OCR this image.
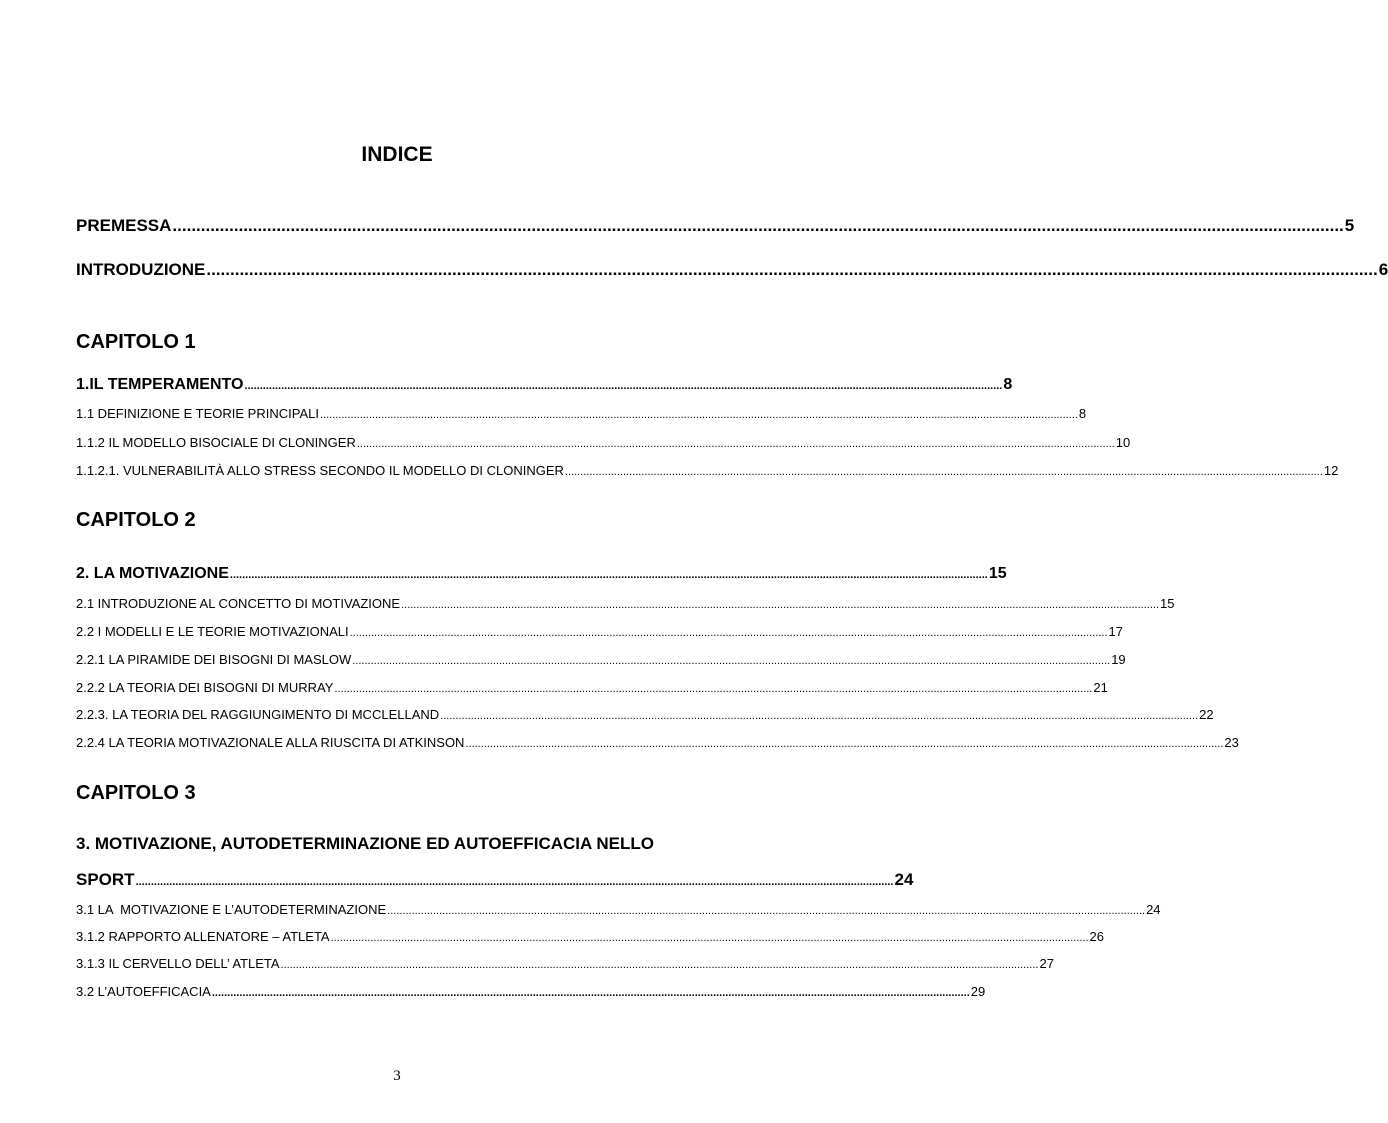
INDICE
PREMESSA ........................................................................................................................................................................................................................................................ 5
INTRODUZIONE ........................................................................................................................................................................................................................................................ 6
CAPITOLO 1
1.IL TEMPERAMENTO ........................................................................................................................................................................................................................................................ 8
1.1 DEFINIZIONE E TEORIE PRINCIPALI ........................................................................................................................................................................................................................................................ 8
1.1.2 IL MODELLO BISOCIALE DI CLONINGER ........................................................................................................................................................................................................................................................ 10
1.1.2.1. VULNERABILITÀ ALLO STRESS SECONDO IL MODELLO DI CLONINGER ........................................................................................................................................................................................................................................................ 12
CAPITOLO 2
2. LA MOTIVAZIONE ........................................................................................................................................................................................................................................................ 15
2.1 INTRODUZIONE AL CONCETTO DI MOTIVAZIONE ........................................................................................................................................................................................................................................................ 15
2.2 I MODELLI E LE TEORIE MOTIVAZIONALI ........................................................................................................................................................................................................................................................ 17
2.2.1 LA PIRAMIDE DEI BISOGNI DI MASLOW ........................................................................................................................................................................................................................................................ 19
2.2.2 LA TEORIA DEI BISOGNI DI MURRAY ........................................................................................................................................................................................................................................................ 21
2.2.3. LA TEORIA DEL RAGGIUNGIMENTO DI MCCLELLAND ........................................................................................................................................................................................................................................................ 22
2.2.4 LA TEORIA MOTIVAZIONALE ALLA RIUSCITA DI ATKINSON ........................................................................................................................................................................................................................................................ 23
CAPITOLO 3
3. MOTIVAZIONE, AUTODETERMINAZIONE ED AUTOEFFICACIA NELLO
SPORT ........................................................................................................................................................................................................................................................ 24
3.1 LA  MOTIVAZIONE E L’AUTODETERMINAZIONE ........................................................................................................................................................................................................................................................ 24
3.1.2 RAPPORTO ALLENATORE – ATLETA ........................................................................................................................................................................................................................................................ 26
3.1.3 IL CERVELLO DELL’ ATLETA ........................................................................................................................................................................................................................................................ 27
3.2 L’AUTOEFFICACIA ........................................................................................................................................................................................................................................................ 29
3
